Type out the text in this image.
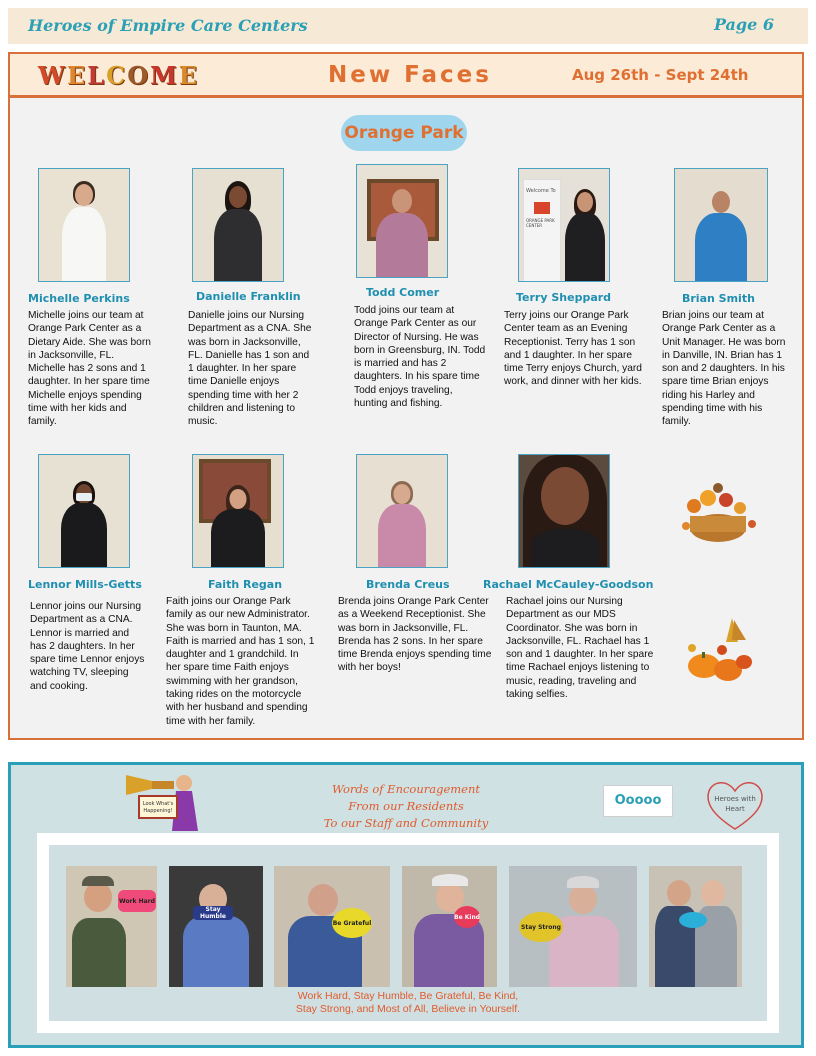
Heroes of Empire Care Centers	Page 6
W E L C O M E	New Faces	Aug 26th - Sept 24th
Orange Park
Michelle Perkins
Michelle joins our team at Orange Park Center as a Dietary Aide. She was born in Jacksonville, FL. Michelle has 2 sons and 1 daughter. In her spare time Michelle enjoys spending time with her kids and family.
Danielle Franklin
Danielle joins our Nursing Department as a CNA. She was born in Jacksonville, FL. Danielle has 1 son and 1 daughter. In her spare time Danielle enjoys spending time with her 2 children and listening to music.
Todd Comer
Todd joins our team at Orange Park Center as our Director of Nursing. He was born in Greensburg, IN. Todd is married and has 2 daughters. In his spare time Todd enjoys traveling, hunting and fishing.
Welcome To
ORANGE PARK CENTER
Terry Sheppard
Terry joins our Orange Park Center team as an Evening Receptionist. Terry has 1 son and 1 daughter. In her spare time Terry enjoys Church, yard work, and dinner with her kids.
Brian Smith
Brian joins our team at Orange Park Center as a Unit Manager. He was born in Danville, IN. Brian has 1 son and 2 daughters. In his spare time Brian enjoys riding his Harley and spending time with his family.
Lennor Mills-Getts
Lennor joins our Nursing Department as a CNA. Lennor is married and has 2 daughters. In her spare time Lennor enjoys watching TV, sleeping and cooking.
Faith Regan
Faith joins our Orange Park family as our new Administrator. She was born in Taunton, MA. Faith is married and has 1 son, 1 daughter and 1 grandchild. In her spare time Faith enjoys swimming with her grandson, taking rides on the motorcycle with her husband and spending time with her family.
Brenda Creus
Brenda joins Orange Park Center as a Weekend Receptionist. She was born in Jacksonville, FL. Brenda has 2 sons. In her spare time Brenda enjoys spending time with her boys!
Rachael McCauley-Goodson
Rachael joins our Nursing Department as our MDS Coordinator. She was born in Jacksonville, FL. Rachael has 1 son and 1 daughter. In her spare time Rachael enjoys listening to music, reading, traveling and taking selfies.
Look What's
Happening!
Words of Encouragement
From our Residents
To our Staff and Community
Ooooo	Heroes with
Heart
Work Hard
Stay Humble
Be Grateful
Be Kind
Stay Strong
Work Hard, Stay Humble, Be Grateful, Be Kind,
Stay Strong, and Most of All, Believe in Yourself.
